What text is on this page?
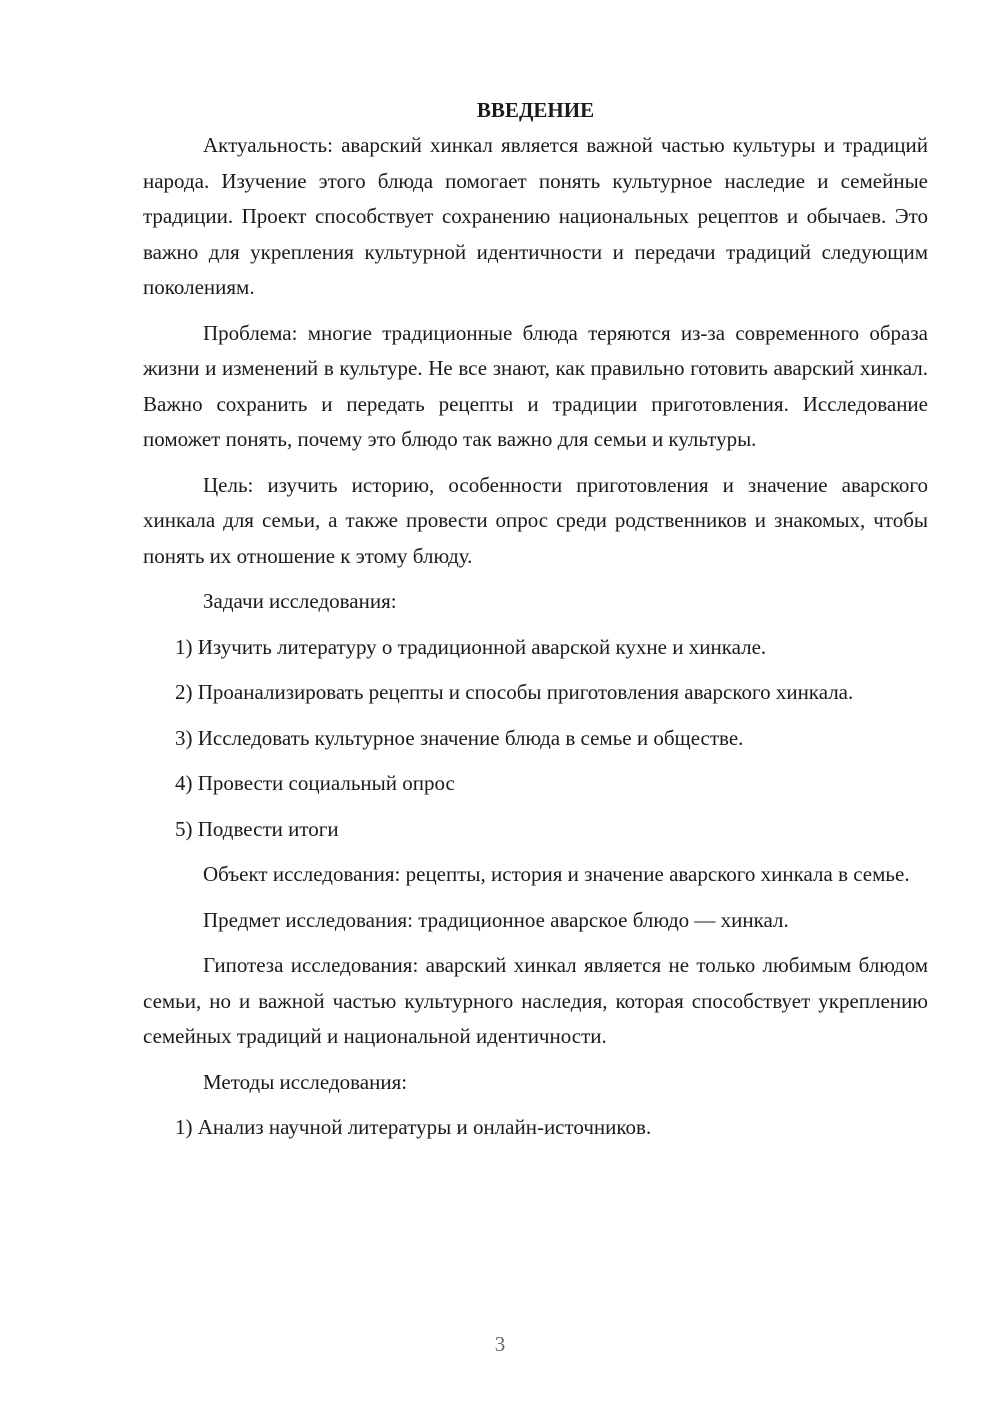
ВВЕДЕНИЕ

Актуальность: аварский хинкал является важной частью культуры и традиций народа. Изучение этого блюда помогает понять культурное наследие и семейные традиции. Проект способствует сохранению национальных рецептов и обычаев. Это важно для укрепления культурной идентичности и передачи традиций следующим поколениям.

Проблема: многие традиционные блюда теряются из-за современного образа жизни и изменений в культуре. Не все знают, как правильно готовить аварский хинкал. Важно сохранить и передать рецепты и традиции приготовления. Исследование поможет понять, почему это блюдо так важно для семьи и культуры.

Цель: изучить историю, особенности приготовления и значение аварского хинкала для семьи, а также провести опрос среди родственников и знакомых, чтобы понять их отношение к этому блюду.

Задачи исследования:

1) Изучить литературу о традиционной аварской кухне и хинкале.

2) Проанализировать рецепты и способы приготовления аварского хинкала.

3) Исследовать культурное значение блюда в семье и обществе.

4) Провести социальный опрос

5) Подвести итоги

Объект исследования: рецепты, история и значение аварского хинкала в семье.

Предмет исследования: традиционное аварское блюдо — хинкал.

Гипотеза исследования: аварский хинкал является не только любимым блюдом семьи, но и важной частью культурного наследия, которая способствует укреплению семейных традиций и национальной идентичности.

Методы исследования:

1) Анализ научной литературы и онлайн-источников.

3
